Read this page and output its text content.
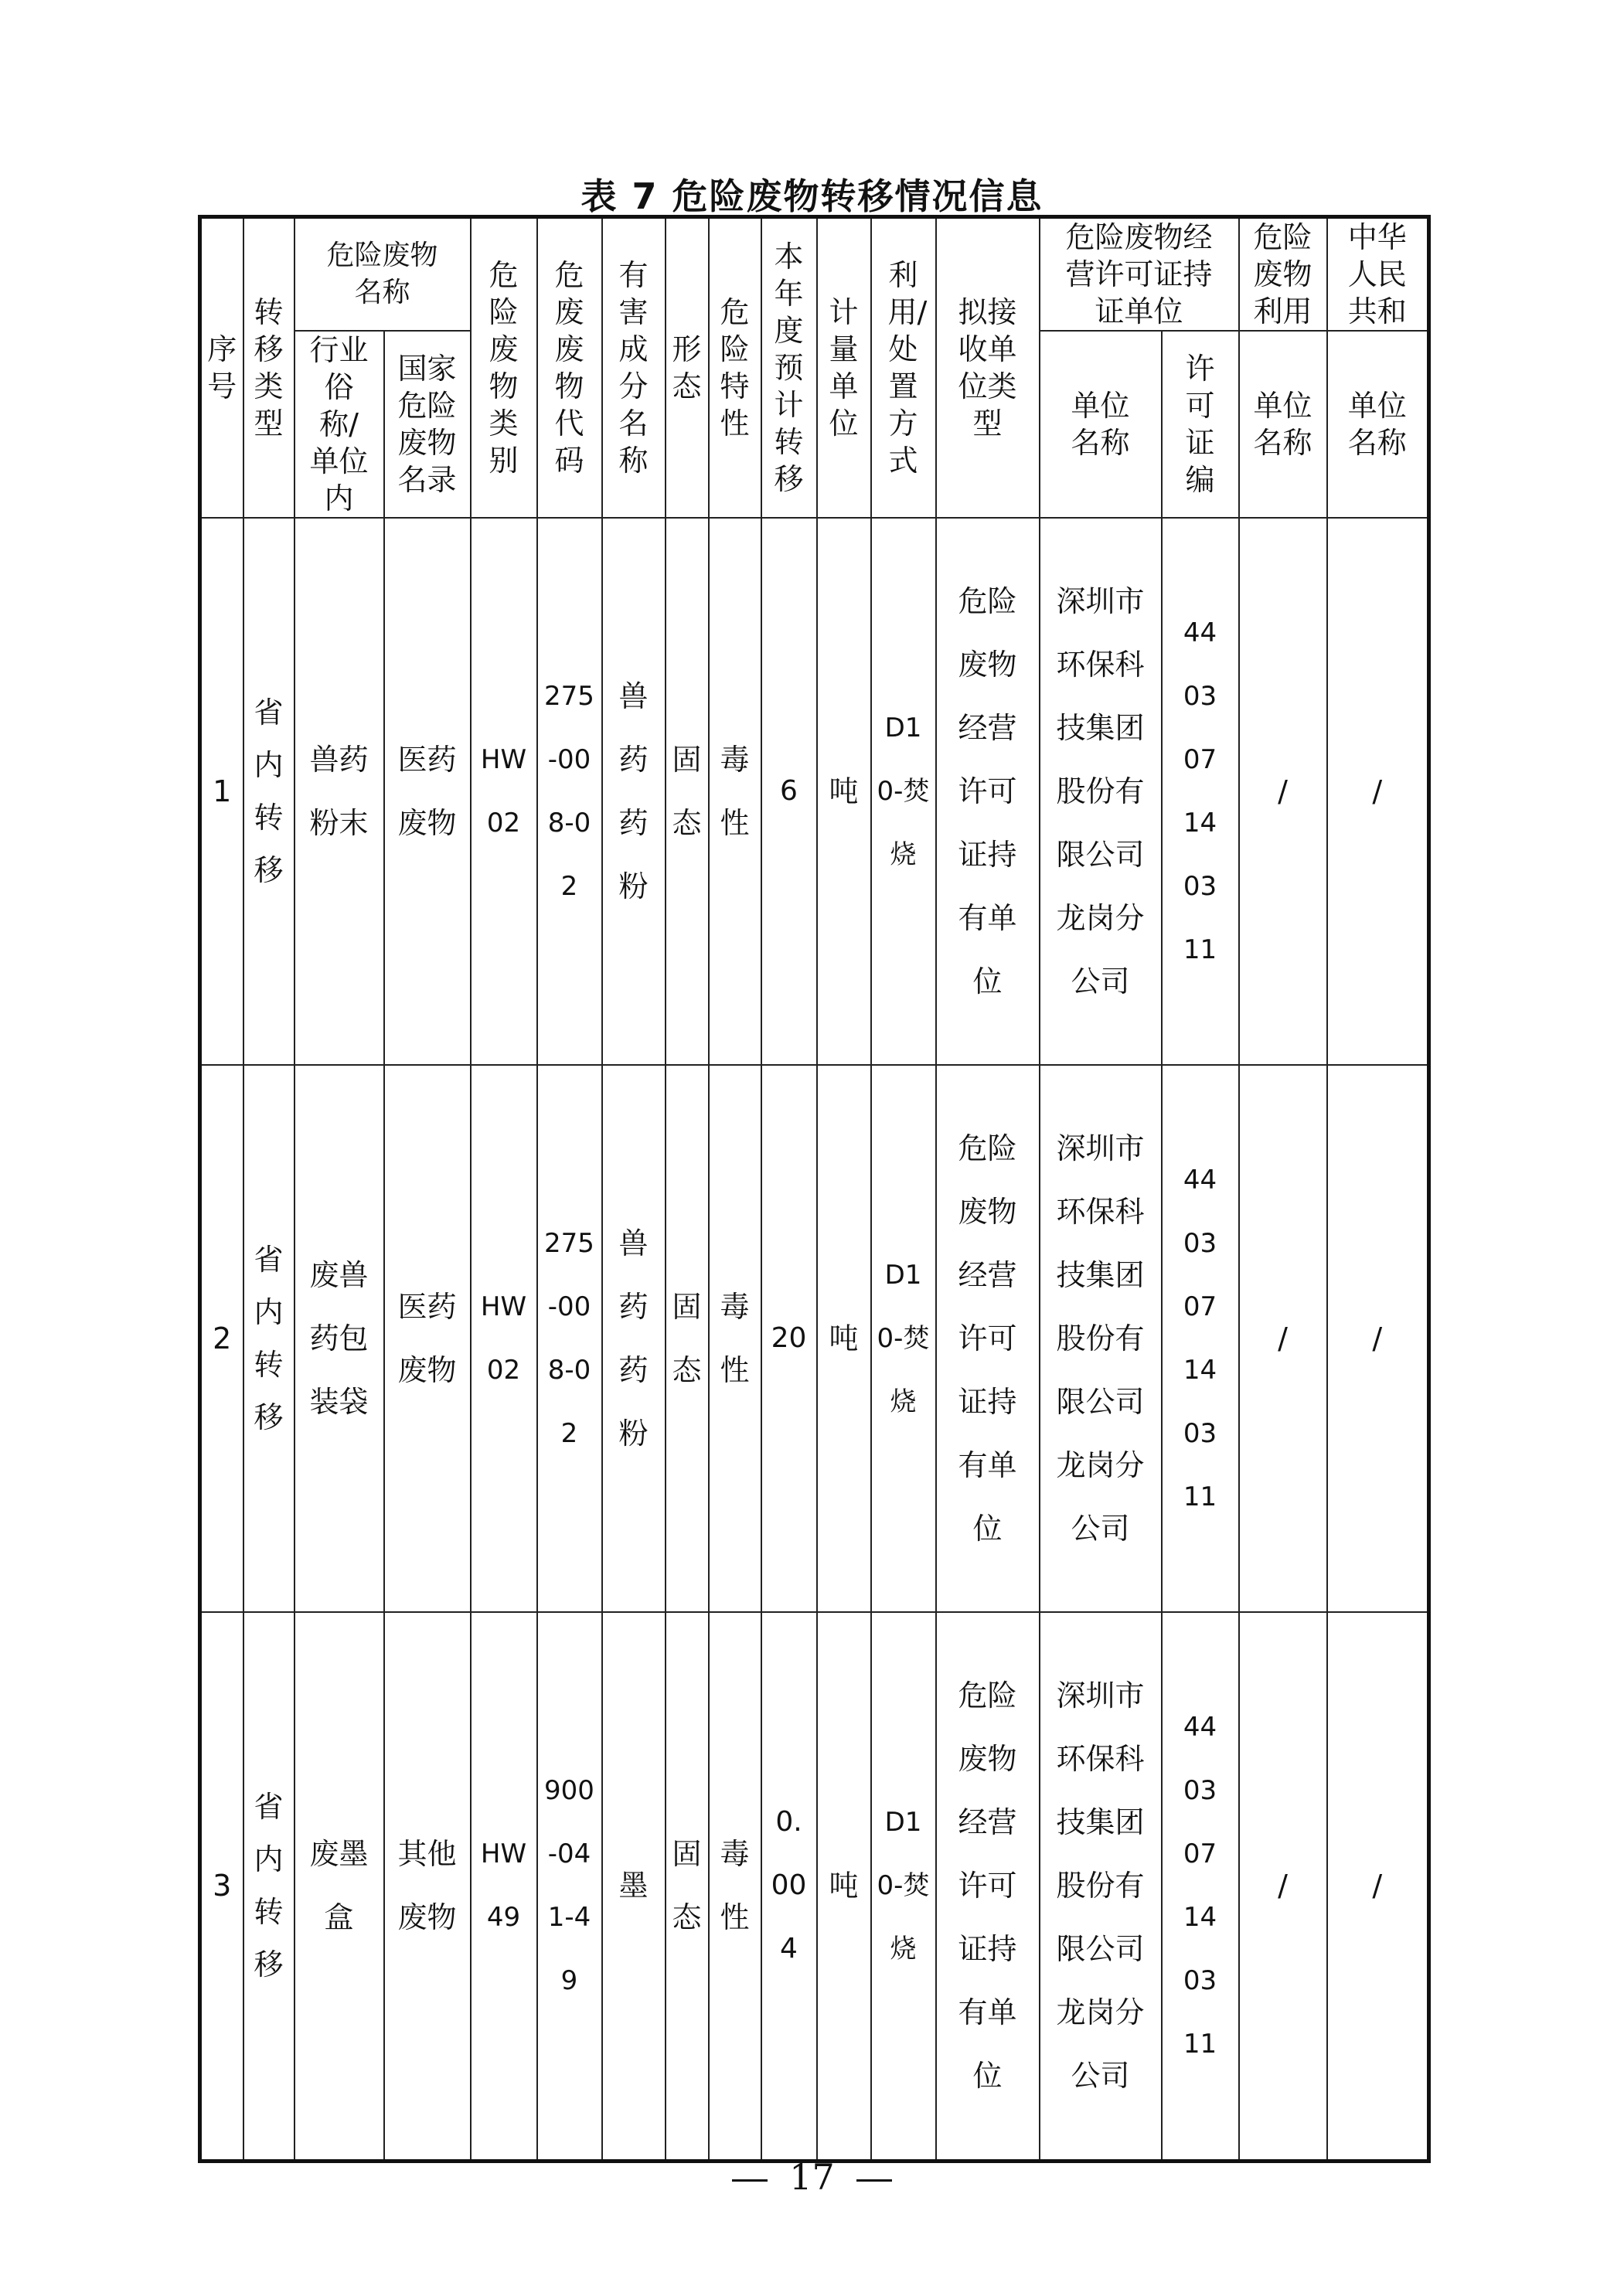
表 7 危险废物转移情况信息
序号	转移类型	危险废物名称		危险废物类别	危废废物代码	有害成分名称	形态	危险特性	本年度预计转移	计量单位	利用/处置方式	拟接收单位类型	危险废物经营许可证持证单位		危险废物利用	中华人民共和
		行业俗称/单位内	国家危险废物名录										单位名称	许可证编	单位名称	单位名称
1	省内转移	兽药粉末	医药废物	HW02	275-008-02	兽药药粉	固态	毒性	6	吨	D10-焚烧	危险废物经营许可证持有单位	深圳市环保科技集团股份有限公司龙岗分公司	440307140311	/	/
2	省内转移	废兽药包装袋	医药废物	HW02	275-008-02	兽药药粉	固态	毒性	20	吨	D10-焚烧	危险废物经营许可证持有单位	深圳市环保科技集团股份有限公司龙岗分公司	440307140311	/	/
3	省内转移	废墨盒	其他废物	HW49	900-041-49	墨	固态	毒性	0.004	吨	D10-焚烧	危险废物经营许可证持有单位	深圳市环保科技集团股份有限公司龙岗分公司	440307140311	/	/
17
